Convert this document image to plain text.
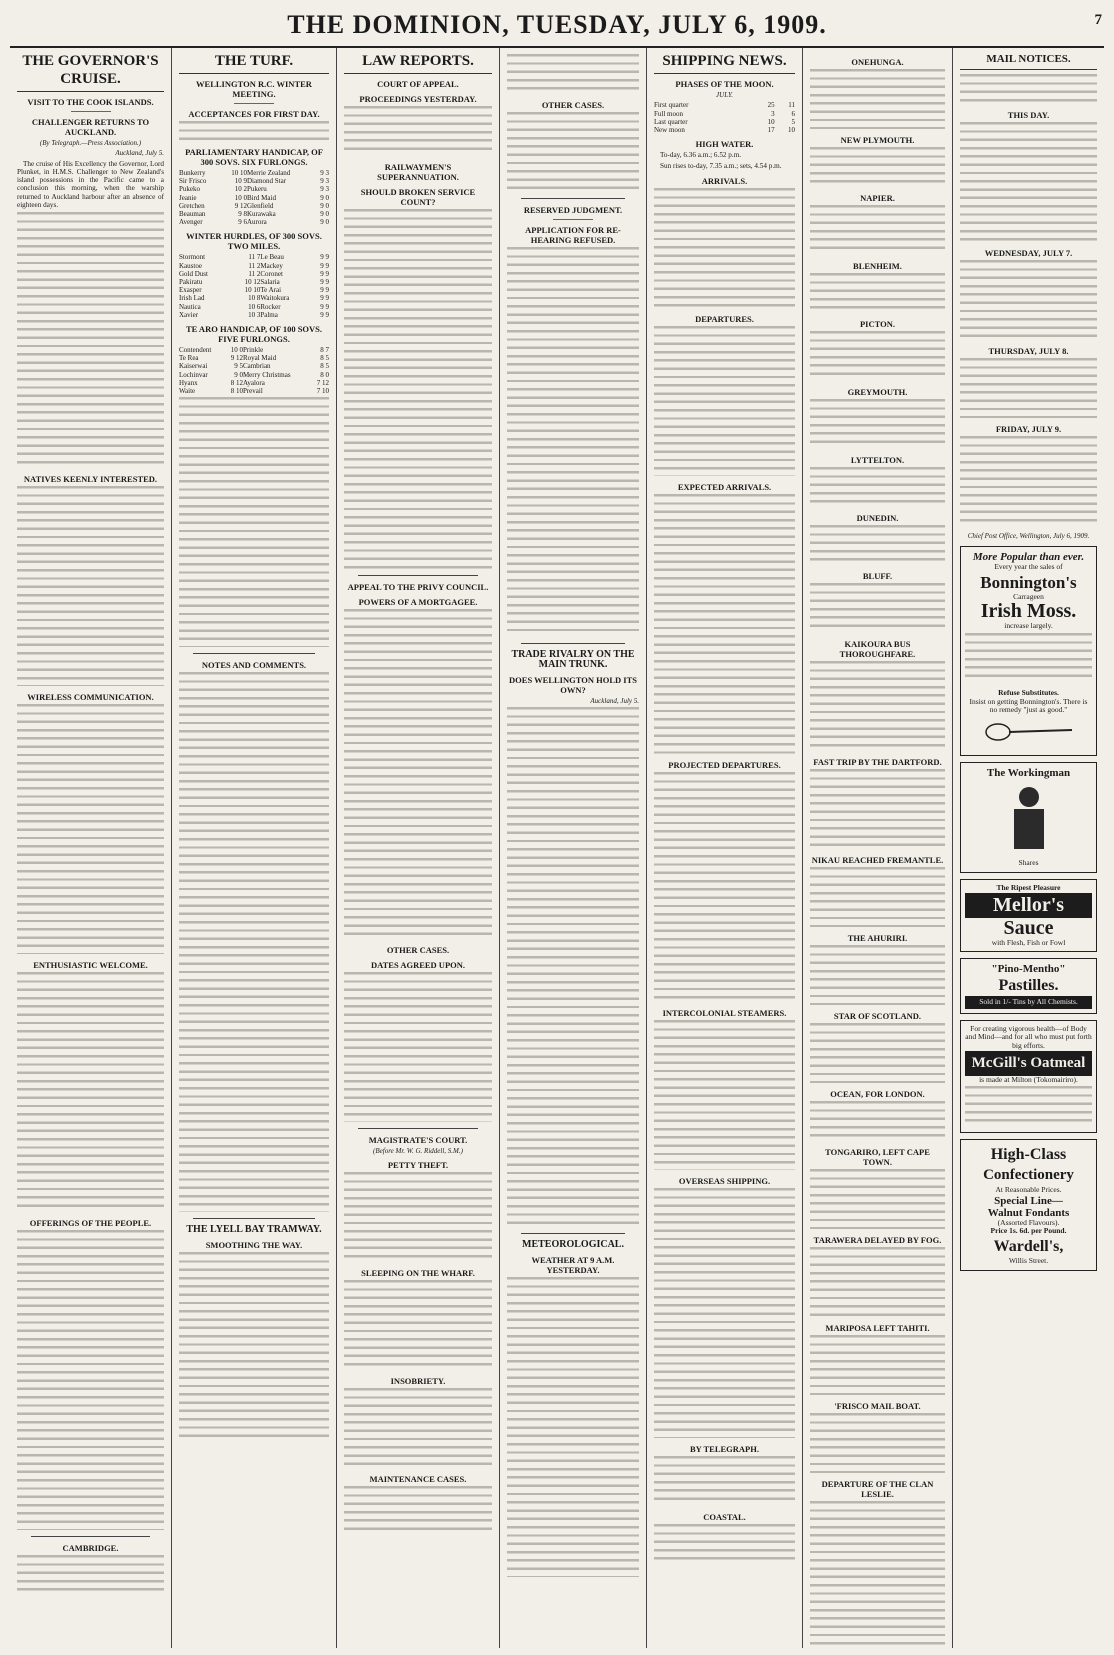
THE DOMINION, TUESDAY, JULY 6, 1909.	7
THE GOVERNOR'S CRUISE.
VISIT TO THE COOK ISLANDS.
CHALLENGER RETURNS TO AUCKLAND.
(By Telegraph.—Press Association.)
Auckland, July 5.
The cruise of His Excellency the Governor, Lord Plunket, in H.M.S. Challenger to New Zealand's island possessions in the Pacific came to a conclusion this morning, when the warship returned to Auckland harbour after an absence of eighteen days.
NATIVES KEENLY INTERESTED.
WIRELESS COMMUNICATION.
ENTHUSIASTIC WELCOME.
OFFERINGS OF THE PEOPLE.
CAMBRIDGE.
THE TURF.
WELLINGTON R.C. WINTER MEETING.
ACCEPTANCES FOR FIRST DAY.
PARLIAMENTARY HANDICAP, OF 300 SOVS. SIX FURLONGS.
Bunkerry	10 10	Merrie Zealand	9 3
Sir Frisco	10 9	Diamond Star	9 3
Pukeko	10 2	Pukeru	9 3
Jeanie	10 0	Bird Maid	9 0
Gretchen	9 12	Glenfield	9 0
Beauman	9 8	Kurawaka	9 0
Avenger	9 6	Aurora	9 0
WINTER HURDLES, OF 300 SOVS. TWO MILES.
Stormont	11 7	Le Beau	9 9
Kaustoe	11 2	Mackey	9 9
Gold Dust	11 2	Coronet	9 9
Pakiratu	10 12	Salaria	9 9
Exasper	10 10	Te Arai	9 9
Irish Lad	10 8	Waitokura	9 9
Nautica	10 6	Rocker	9 9
Xavier	10 3	Palma	9 9
TE ARO HANDICAP, OF 100 SOVS. FIVE FURLONGS.
Contendent	10 0	Prinkle	8 7
Te Rea	9 12	Royal Maid	8 5
Kaiserwai	9 5	Cambrian	8 5
Lochinvar	9 0	Merry Christmas	8 0
Hyanx	8 12	Ayalora	7 12
Waite	8 10	Prevail	7 10
NOTES AND COMMENTS.
THE LYELL BAY TRAMWAY.
SMOOTHING THE WAY.
LAW REPORTS.
COURT OF APPEAL.
PROCEEDINGS YESTERDAY.
RAILWAYMEN'S SUPERANNUATION.
SHOULD BROKEN SERVICE COUNT?
APPEAL TO THE PRIVY COUNCIL.
POWERS OF A MORTGAGEE.
OTHER CASES.
DATES AGREED UPON.
MAGISTRATE'S COURT.
(Before Mr. W. G. Riddell, S.M.)
PETTY THEFT.
SLEEPING ON THE WHARF.
INSOBRIETY.
MAINTENANCE CASES.
OTHER CASES.
RESERVED JUDGMENT.
APPLICATION FOR RE-HEARING REFUSED.
TRADE RIVALRY ON THE MAIN TRUNK.
DOES WELLINGTON HOLD ITS OWN?
Auckland, July 5.
METEOROLOGICAL.
WEATHER AT 9 A.M. YESTERDAY.
SHIPPING NEWS.
PHASES OF THE MOON.
JULY.
First quarter	25	11
Full moon	3	6
Last quarter	10	5
New moon	17	10
HIGH WATER.
To-day, 6.36 a.m.; 6.52 p.m.
Sun rises to-day, 7.35 a.m.; sets, 4.54 p.m.
ARRIVALS.
DEPARTURES.
EXPECTED ARRIVALS.
PROJECTED DEPARTURES.
INTERCOLONIAL STEAMERS.
OVERSEAS SHIPPING.
BY TELEGRAPH.
COASTAL.
ONEHUNGA.
NEW PLYMOUTH.
NAPIER.
BLENHEIM.
PICTON.
GREYMOUTH.
LYTTELTON.
DUNEDIN.
BLUFF.
KAIKOURA BUS THOROUGHFARE.
FAST TRIP BY THE DARTFORD.
NIKAU REACHED FREMANTLE.
THE AHURIRI.
STAR OF SCOTLAND.
OCEAN, FOR LONDON.
TONGARIRO, LEFT CAPE TOWN.
TARAWERA DELAYED BY FOG.
MARIPOSA LEFT TAHITI.
'FRISCO MAIL BOAT.
DEPARTURE OF THE CLAN LESLIE.
MAIL NOTICES.
THIS DAY.
WEDNESDAY, JULY 7.
THURSDAY, JULY 8.
FRIDAY, JULY 9.
Chief Post Office, Wellington, July 6, 1909.
More Popular than ever.
Every year the sales of
Bonnington's
Carrageen
Irish Moss.
increase largely.
Refuse Substitutes.
Insist on getting Bonnington's. There is no remedy "just as good."
The Workingman
Shares
The Ripest Pleasure
Mellor's
Sauce
with Flesh, Fish or Fowl
"Pino-Mentho"
Pastilles.
Sold in 1/- Tins by All Chemists.
For creating vigorous health—of Body and Mind—and for all who must put forth big efforts.
McGill's Oatmeal
is made at Milton (Tokomairiro).
High-Class
Confectionery
At Reasonable Prices.
Special Line—
Walnut Fondants
(Assorted Flavours).
Price 1s. 6d. per Pound.
Wardell's,
Willis Street.
